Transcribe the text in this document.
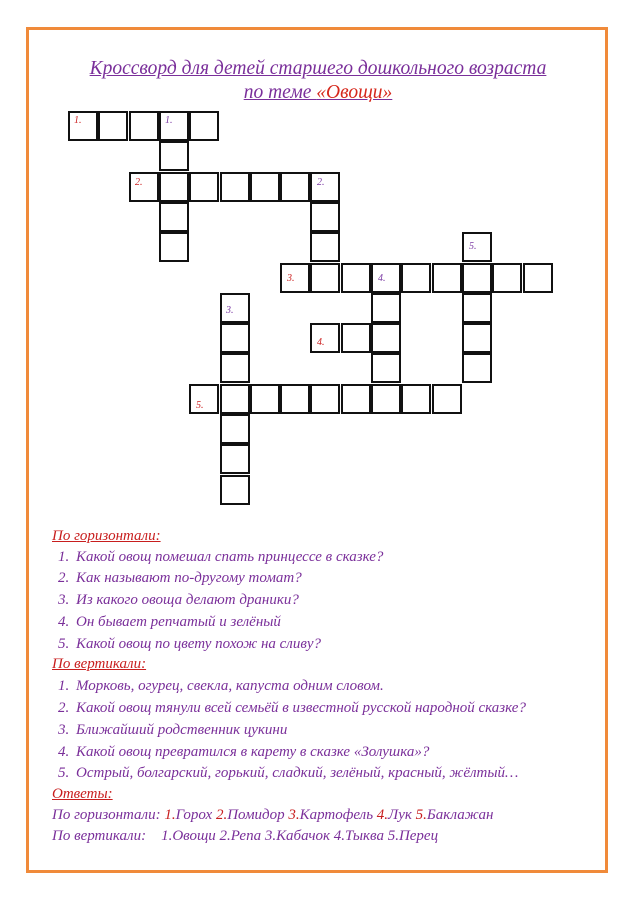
Кроссворд для детей старшего дошкольного возраста
по теме «Овощи»
1.	1.
2.	2.
5.
3.	4.
3.
4.
5.
По горизонтали:
1. Какой овощ помешал спать принцессе в сказке?
2. Как называют по-другому томат?
3. Из какого овоща делают драники?
4. Он бывает репчатый и зелёный
5. Какой овощ по цвету похож на сливу?
По вертикали:
1. Морковь, огурец, свекла, капуста одним словом.
2. Какой овощ тянули всей семьёй в известной русской народной сказке?
3. Ближайший родственник цукини
4. Какой овощ превратился в карету в сказке «Золушка»?
5. Острый, болгарский, горький, сладкий, зелёный, красный, жёлтый…
Ответы:
По горизонтали: 1.Горох 2.Помидор 3.Картофель 4.Лук 5.Баклажан
По вертикали: 1.Овощи 2.Репа 3.Кабачок 4.Тыква 5.Перец
